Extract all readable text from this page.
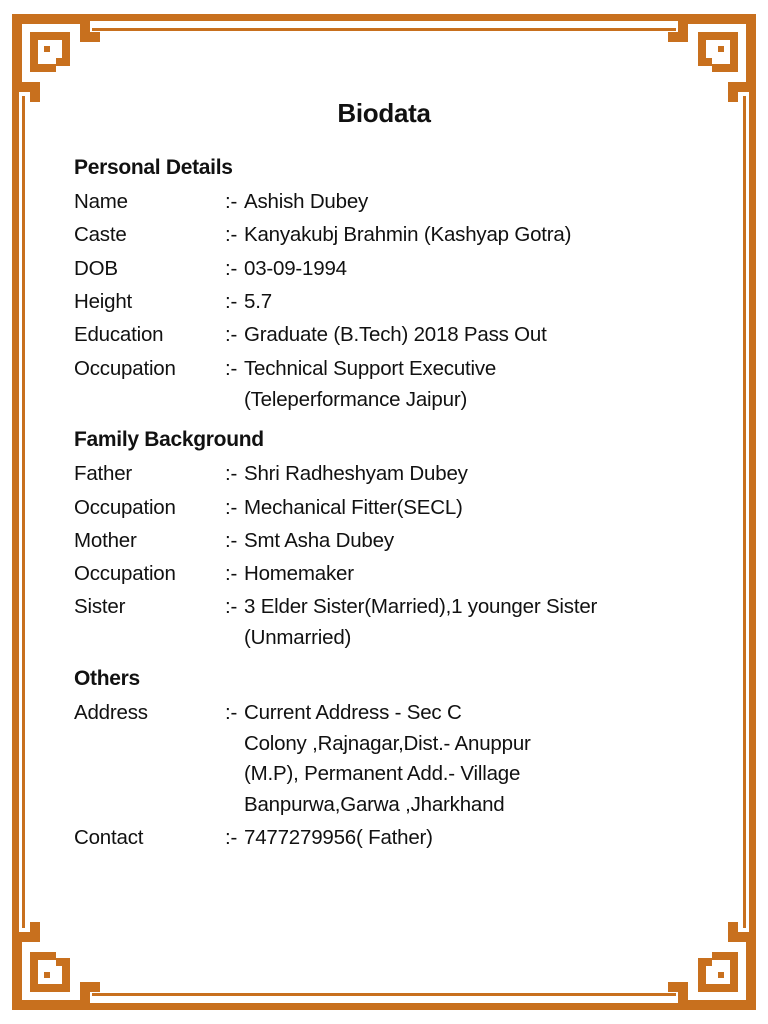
Biodata
Personal Details
Name	:- Ashish Dubey
Caste	:- Kanyakubj Brahmin (Kashyap Gotra)
DOB	:- 03-09-1994
Height	:- 5.7
Education	:- Graduate (B.Tech) 2018 Pass Out
Occupation :- Technical Support Executive
(Teleperformance Jaipur)
Family Background
Father	:- Shri Radheshyam Dubey
Occupation :- Mechanical Fitter(SECL)
Mother	:- Smt Asha Dubey
Occupation :- Homemaker
Sister	:- 3 Elder Sister(Married),1 younger Sister
(Unmarried)
Others
Address	:- Current Address - Sec C
Colony ,Rajnagar,Dist.- Anuppur
(M.P), Permanent Add.- Village
Banpurwa,Garwa ,Jharkhand
Contact	:- 7477279956( Father)
